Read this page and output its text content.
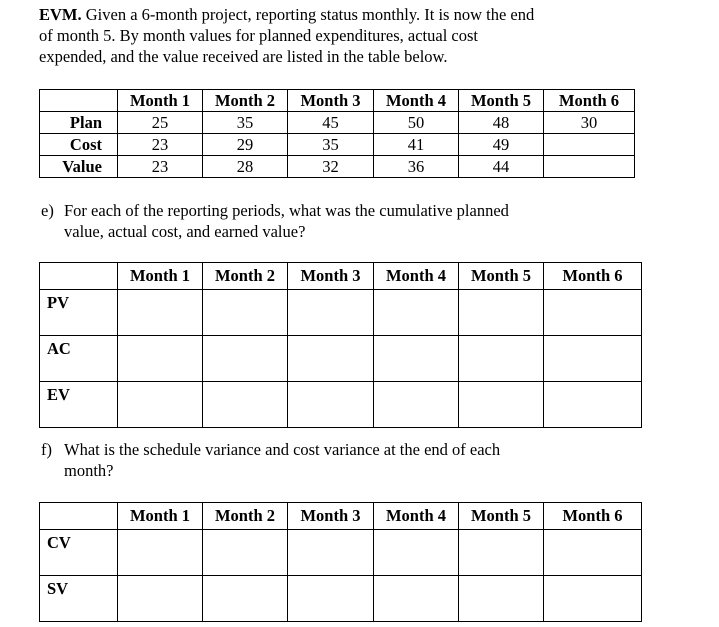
EVM. Given a 6-month project, reporting status monthly. It is now the end
of month 5. By month values for planned expenditures, actual cost
expended, and the value received are listed in the table below.
	Month 1	Month 2	Month 3	Month 4	Month 5	Month 6
Plan	25	35	45	50	48	30
Cost	23	29	35	41	49	
Value	23	28	32	36	44	
e) For each of the reporting periods, what was the cumulative planned
value, actual cost, and earned value?
	Month 1	Month 2	Month 3	Month 4	Month 5	Month 6
PV						
AC						
EV						
f) What is the schedule variance and cost variance at the end of each
month?
	Month 1	Month 2	Month 3	Month 4	Month 5	Month 6
CV						
SV						
